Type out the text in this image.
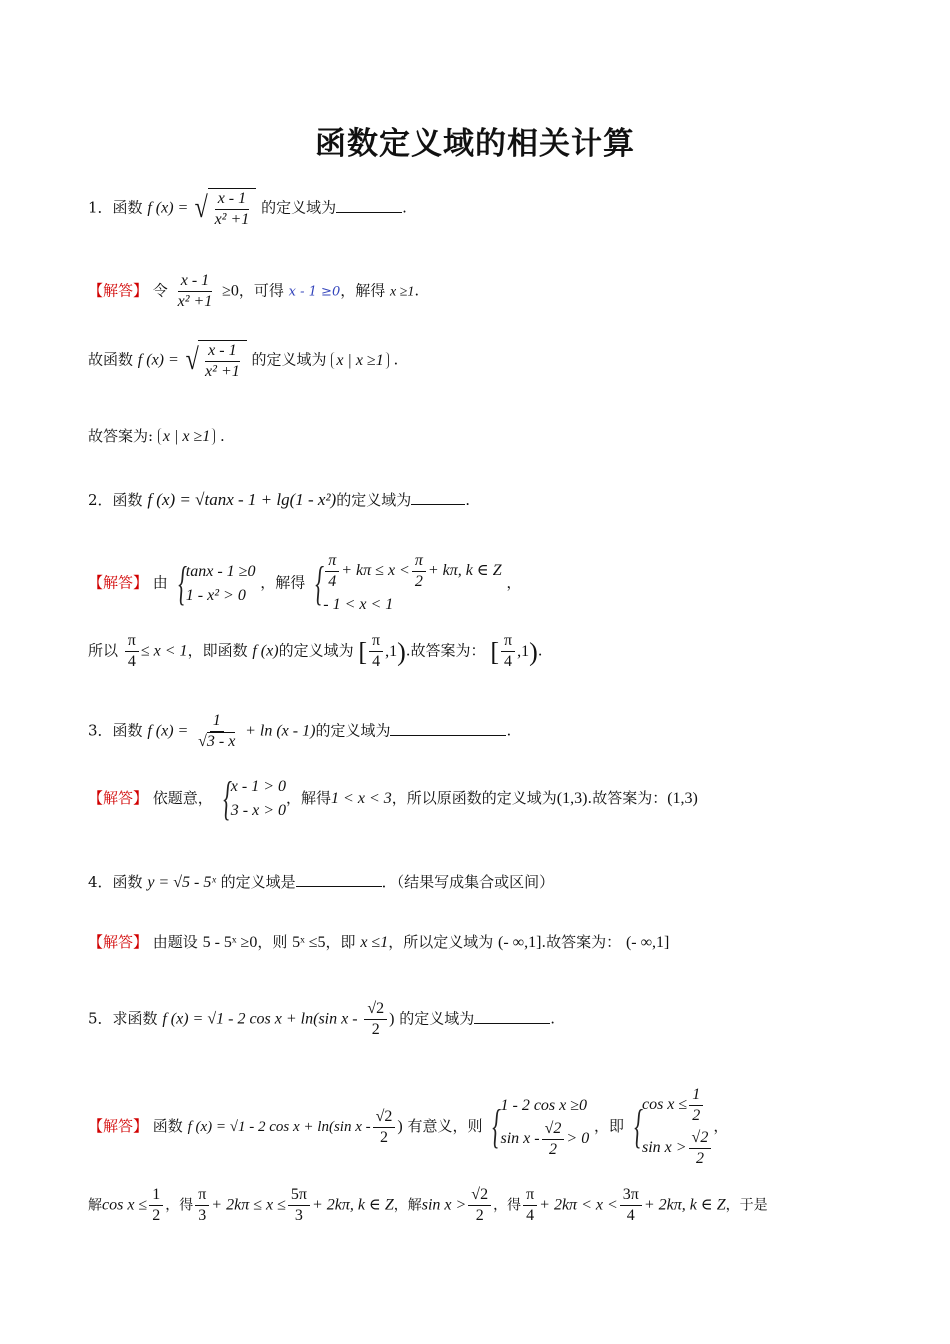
函数定义域的相关计算
1．函数 f (x) = √ $\frac{x - 1}{\text{x² +1}}$ 的定义域为	.
【解答】 令 $\frac{x - 1}{\text{x² +1}} \ge 0$，可得 x - 1 ≥0，解得 x ≥1.
故函数 f (x) = √ $\frac{x - 1}{\text{x² +1}}$ 的定义域为 x | x ≥1 .
故答案为: x | x ≥1 .
2．函数 f (x) = √tanx - 1 + lg(1 - x²)的定义域为	.
【解答】 由 { tanx - 1 ≥0
1 - x² > 0
，解得 { $\frac{\pi}{4} + k\pi \le x < \frac{\pi}{2} + k\pi$, k ∈ Z
- 1 < x < 1
，
所以 $\frac{\pi}{4} \le x < 1$，即函数 f (x)的定义域为 [ $\frac{\pi}{4} ,1$).故答案为： [ $\frac{\pi}{4} ,1$).
3．函数 f $(x) = \frac{1}{√3 - x} + \ln (x - 1)$的定义域为	.
【解答】 依题意， { x - 1 > 0
3 - x > 0
，解得1 < x < 3，所以原函数的定义域为(1,3).故答案为：(1,3)
4．函数 y = √5 - 5ˣ 的定义域是	．（结果写成集合或区间）
【解答】 由题设 5 - 5ˣ ≥0，则 5ˣ ≤5，即 x ≤1，所以定义域为 (- ∞,1].故答案为： (- ∞,1]
5．求函数 f (x) = √1 - 2 cos x + ln(sin x - $\frac{√2}{2}$ ) 的定义域为	.
【解答】 函数 f (x) = √1 - 2 cos x + ln(sin x - $\frac{√2}{2}$ ) 有意义，则 { 1 - 2 cos x ≥0
$\sin x - \frac{√2}{2} > 0$
，即 { $\cos x \le \frac{1}{2}$
$\sin x > \frac{√2}{2}$
，
解$\cos x \le \frac{1}{2}$ ，得 $\frac{\pi}{3} + 2k\pi \le x \le \frac{5\pi}{3} + 2k\pi$, k ∈ Z，解$\sin x > \frac{√2}{2}$ ，得 $\frac{\pi}{4} + 2k\pi < x < \frac{3\pi}{4} + 2k\pi$, k ∈ Z，于是
